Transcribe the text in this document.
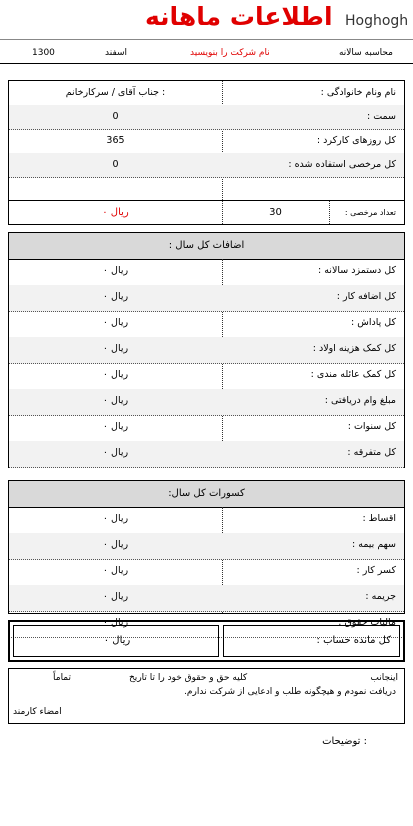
Hoghogh
اطلاعات ماهانه
محاسبه سالانه
نام شرکت را بنویسید
اسفند
1300
نام ونام خانوادگی :
جناب آقای / سرکارخانم :
سمت :
0
کل روزهای کارکرد :
365
کل مرخصی استفاده شده :
0
تعداد مرخصی :
30
ریال ۰
اضافات کل سال :
کل دستمزد سالانه :
ریال ۰
کل اضافه کار :
ریال ۰
کل پاداش :
ریال ۰
کل کمک هزینه اولاد :
ریال ۰
کل کمک عائله مندی :
ریال ۰
مبلغ وام دریافتی :
ریال ۰
کل سنوات :
ریال ۰
کل متفرقه :
ریال ۰
کسورات کل سال:
اقساط :
ریال ۰
سهم بیمه :
ریال ۰
کسر کار :
ریال ۰
جریمه :
ریال ۰
مالیات حقوق :
ریال ۰
ریال ۰	کل مانده حساب :
اینجانب
کلیه حق و حقوق خود را تا تاریخ
تماماً
دریافت نمودم و هیچگونه طلب و ادعایی از شرکت ندارم.
امضاء کارمند
توضیحات :
